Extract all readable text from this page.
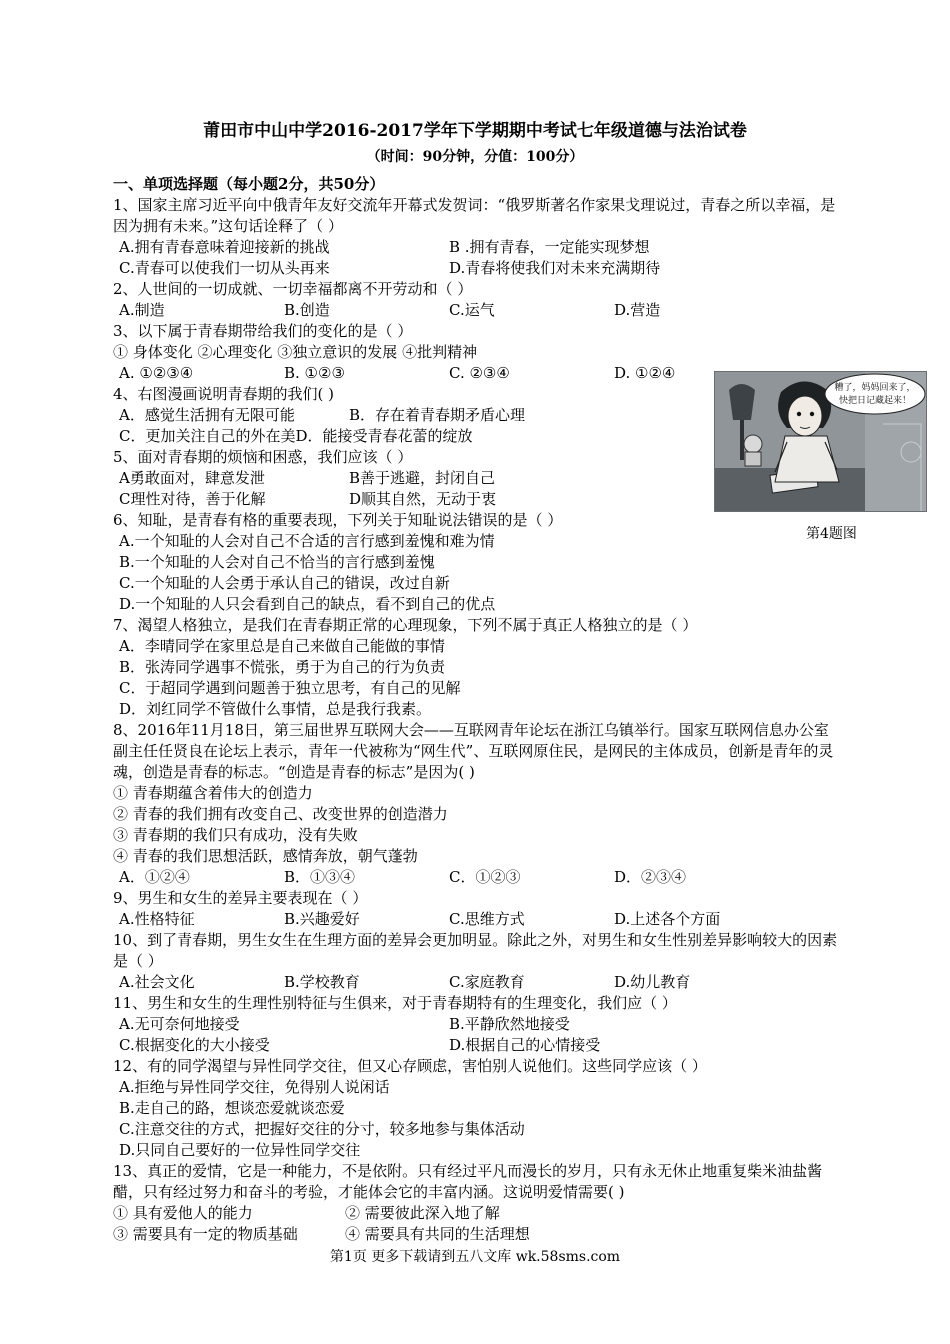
莆田市中山中学2016-2017学年下学期期中考试七年级道德与法治试卷
（时间：90分钟，分值：100分）
一、单项选择题（每小题2分，共50分）
1、国家主席习近平向中俄青年友好交流年开幕式发贺词：“俄罗斯著名作家果戈理说过，青春之所以幸福，是因为拥有未来。”这句话诠释了（ ）
A.拥有青春意味着迎接新的挑战	B .拥有青春，一定能实现梦想
C.青春可以使我们一切从头再来	D.青春将使我们对未来充满期待
2、人世间的一切成就、一切幸福都离不开劳动和（ ）
A.制造	B.创造	C.运气	D.营造
3、以下属于青春期带给我们的变化的是（ ）
① 身体变化 ②心理变化 ③独立意识的发展 ④批判精神
A. ①②③④	B. ①②③	C. ②③④	D. ①②④
4、右图漫画说明青春期的我们( )
A．感觉生活拥有无限可能	B．存在着青春期矛盾心理
C．更加关注自己的外在美 D．能接受青春花蕾的绽放
5、面对青春期的烦恼和困惑，我们应该（ ）
A勇敢面对，肆意发泄	B善于逃避，封闭自己
C理性对待，善于化解	D顺其自然，无动于衷
6、知耻，是青春有格的重要表现，下列关于知耻说法错误的是（ ）
A.一个知耻的人会对自己不合适的言行感到羞愧和难为情
B.一个知耻的人会对自己不恰当的言行感到羞愧
C.一个知耻的人会勇于承认自己的错误，改过自新
D.一个知耻的人只会看到自己的缺点，看不到自己的优点
7、渴望人格独立，是我们在青春期正常的心理现象，下列不属于真正人格独立的是（ ）
A．李晴同学在家里总是自己来做自己能做的事情
B．张涛同学遇事不慌张，勇于为自己的行为负责
C．于超同学遇到问题善于独立思考，有自己的见解
D．刘红同学不管做什么事情，总是我行我素。
8、2016年11月18日，第三届世界互联网大会——互联网青年论坛在浙江乌镇举行。国家互联网信息办公室副主任任贤良在论坛上表示，青年一代被称为“网生代”、互联网原住民，是网民的主体成员，创新是青年的灵魂，创造是青春的标志。“创造是青春的标志”是因为( )
① 青春期蕴含着伟大的创造力
② 青春的我们拥有改变自己、改变世界的创造潜力
③ 青春期的我们只有成功，没有失败
④ 青春的我们思想活跃，感情奔放，朝气蓬勃
A．①②④	B．①③④	C．①②③	D．②③④
9、男生和女生的差异主要表现在（ ）
A.性格特征	B.兴趣爱好	C.思维方式	D.上述各个方面
10、到了青春期，男生女生在生理方面的差异会更加明显。除此之外，对男生和女生性别差异影响较大的因素是（ ）
A.社会文化	B.学校教育	C.家庭教育	D.幼儿教育
11、男生和女生的生理性别特征与生俱来，对于青春期特有的生理变化，我们应（ ）
A.无可奈何地接受	B.平静欣然地接受
C.根据变化的大小接受	D.根据自己的心情接受
12、有的同学渴望与异性同学交往，但又心存顾虑，害怕别人说他们。这些同学应该（ ）
A.拒绝与异性同学交往，免得别人说闲话
B.走自己的路，想谈恋爱就谈恋爱
C.注意交往的方式，把握好交往的分寸，较多地参与集体活动
D.只同自己要好的一位异性同学交往
13、真正的爱情，它是一种能力，不是依附。只有经过平凡而漫长的岁月，只有永无休止地重复柴米油盐酱醋，只有经过努力和奋斗的考验，才能体会它的丰富内涵。这说明爱情需要( )
① 具有爱他人的能力	② 需要彼此深入地了解
③ 需要具有一定的物质基础	④ 需要具有共同的生活理想
糟了，妈妈回来了，
快把日记藏起来！
第4题图
第1页 更多下载请到五八文库 wk.58sms.com
